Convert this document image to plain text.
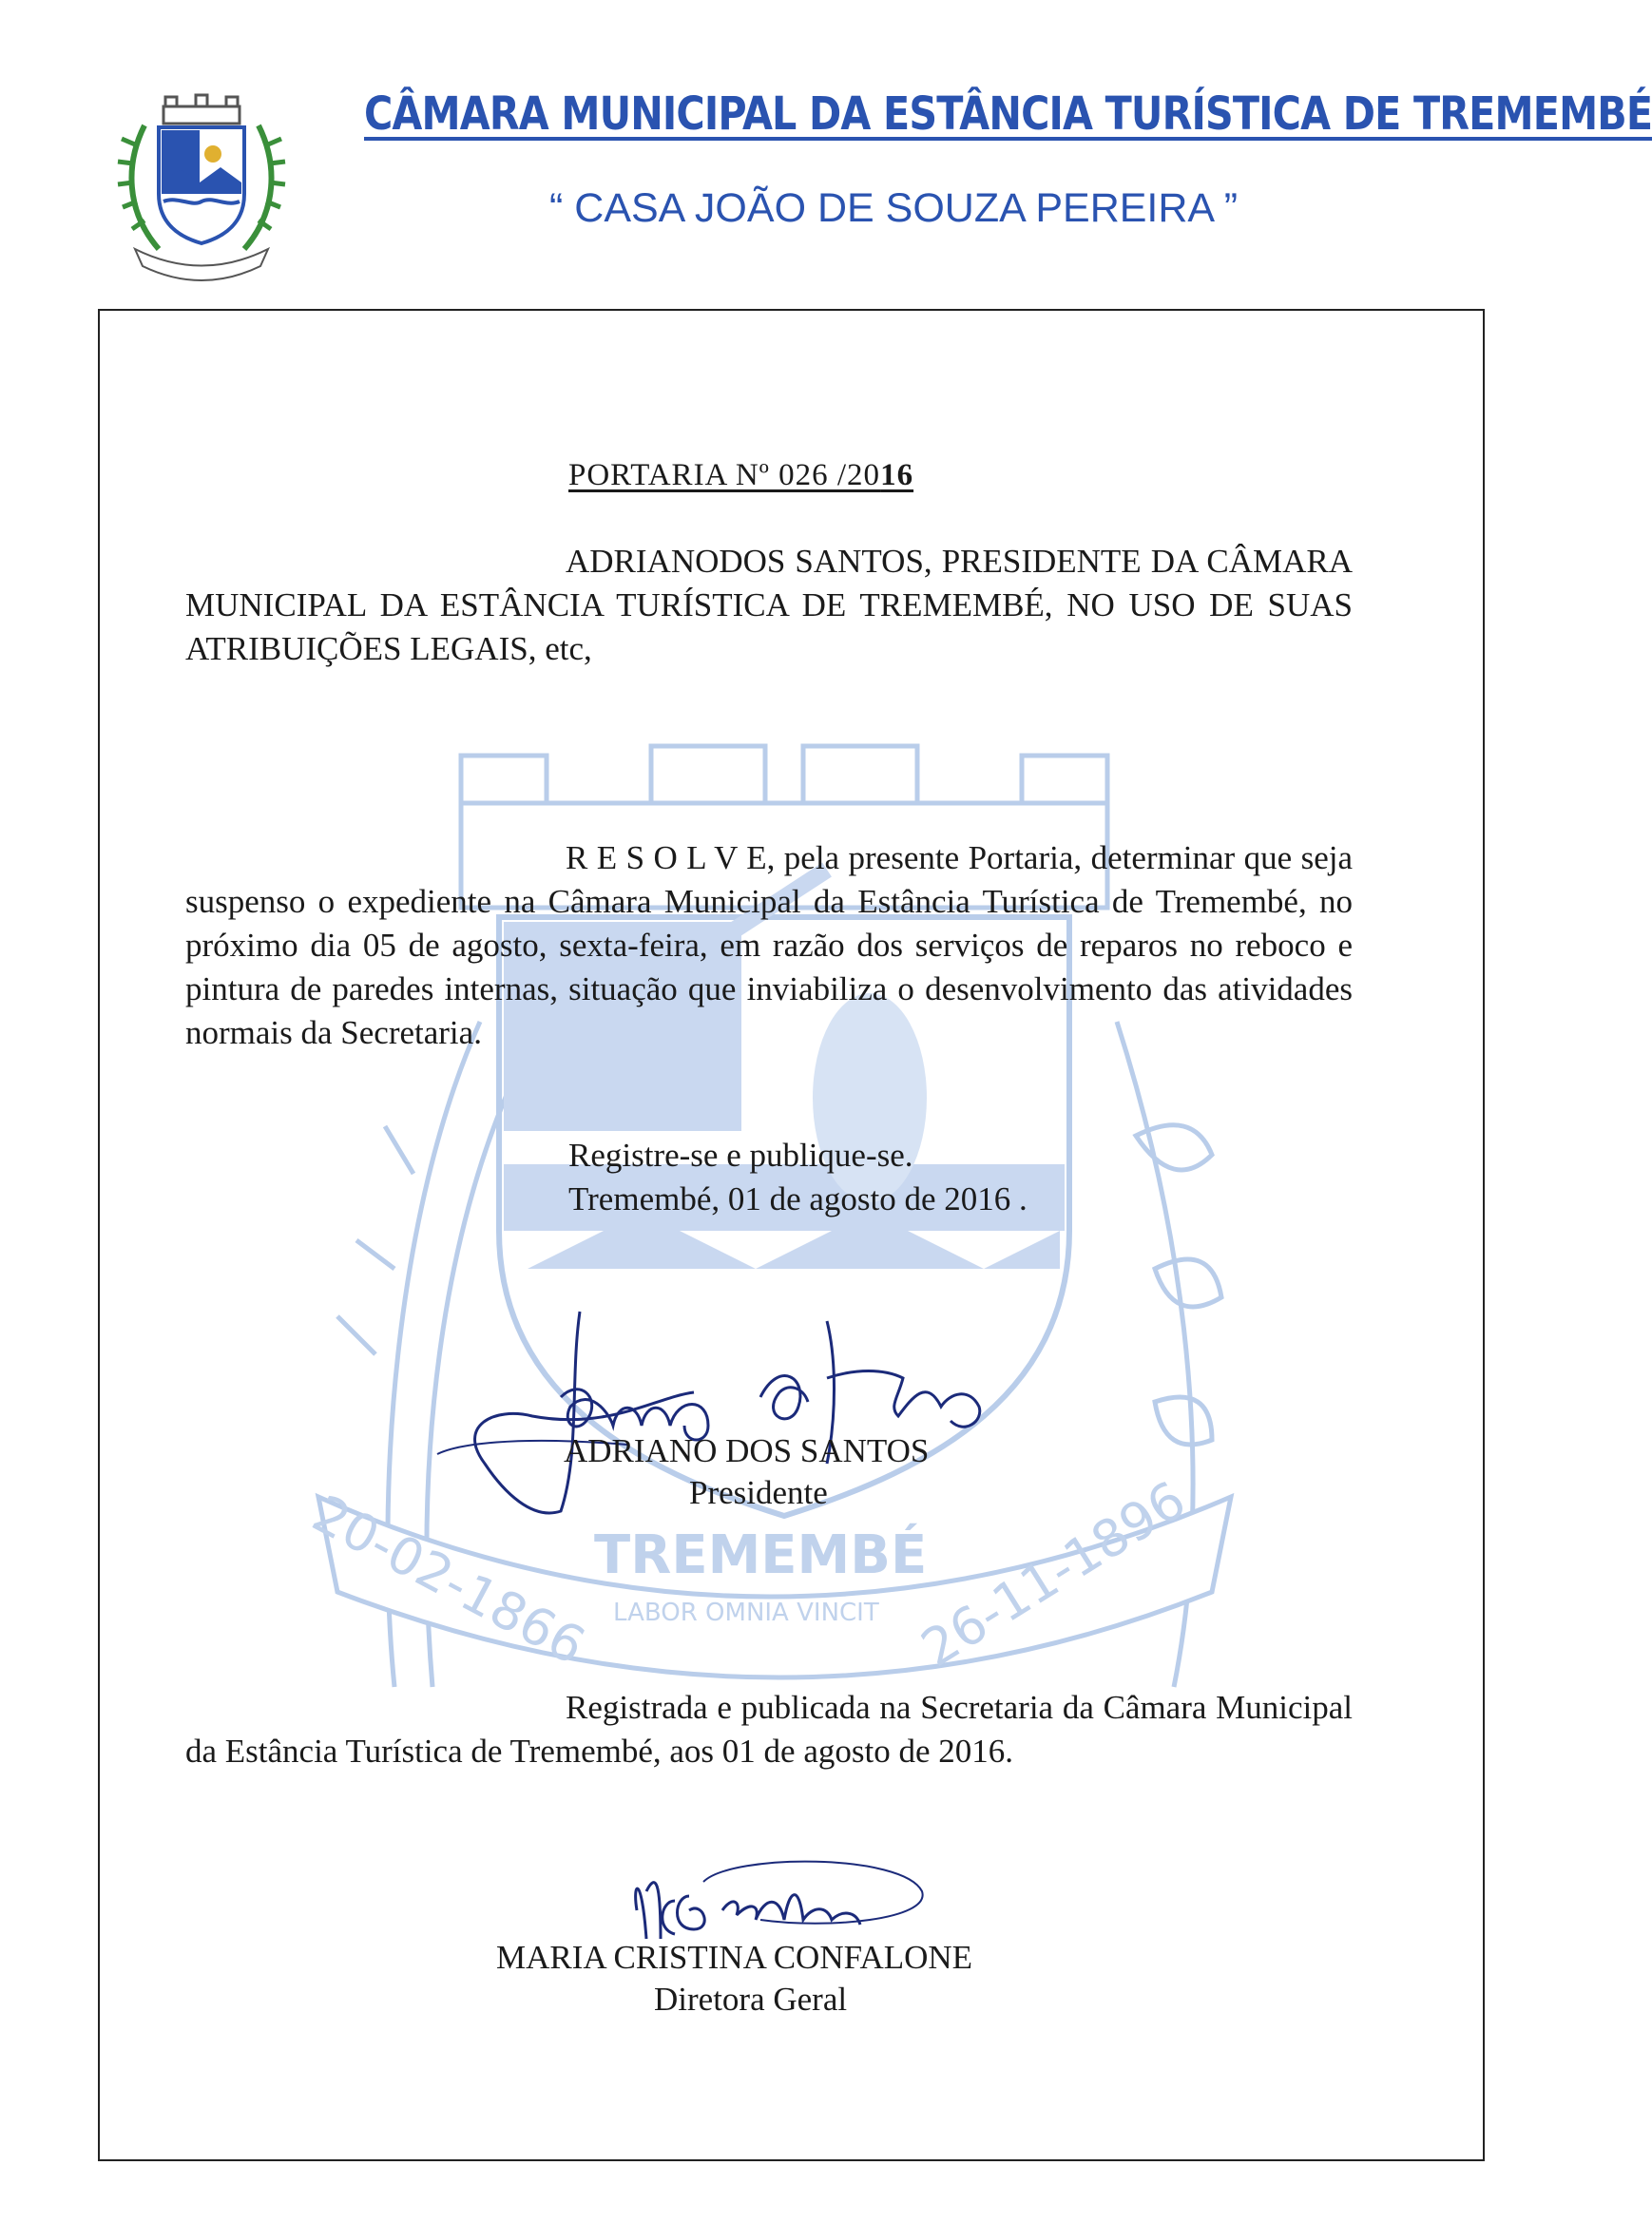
CÂMARA MUNICIPAL DA ESTÂNCIA TURÍSTICA DE TREMEMBÉ
“ CASA JOÃO DE SOUZA PEREIRA ”
TREMEMBÉ
LABOR OMNIA VINCIT
20-02-1866	26-11-1896
PORTARIA Nº 026 /2016
ADRIANODOS SANTOS, PRESIDENTE DA CÂMARA MUNICIPAL DA ESTÂNCIA TURÍSTICA DE TREMEMBÉ, NO USO DE SUAS ATRIBUIÇÕES LEGAIS, etc,
R E S O L V E, pela presente Portaria, determinar que seja suspenso o expediente na Câmara Municipal da Estância Turística de Tremembé, no próximo dia 05 de agosto, sexta-feira, em razão dos serviços de reparos no reboco e pintura de paredes internas, situação que inviabiliza o desenvolvimento das atividades normais da Secretaria.
Registre-se e publique-se.
Tremembé, 01 de agosto de 2016 .
ADRIANO DOS SANTOS
Presidente
Registrada e publicada na Secretaria da Câmara Municipal da Estância Turística de Tremembé, aos 01 de agosto de 2016.
MARIA CRISTINA CONFALONE
Diretora Geral
